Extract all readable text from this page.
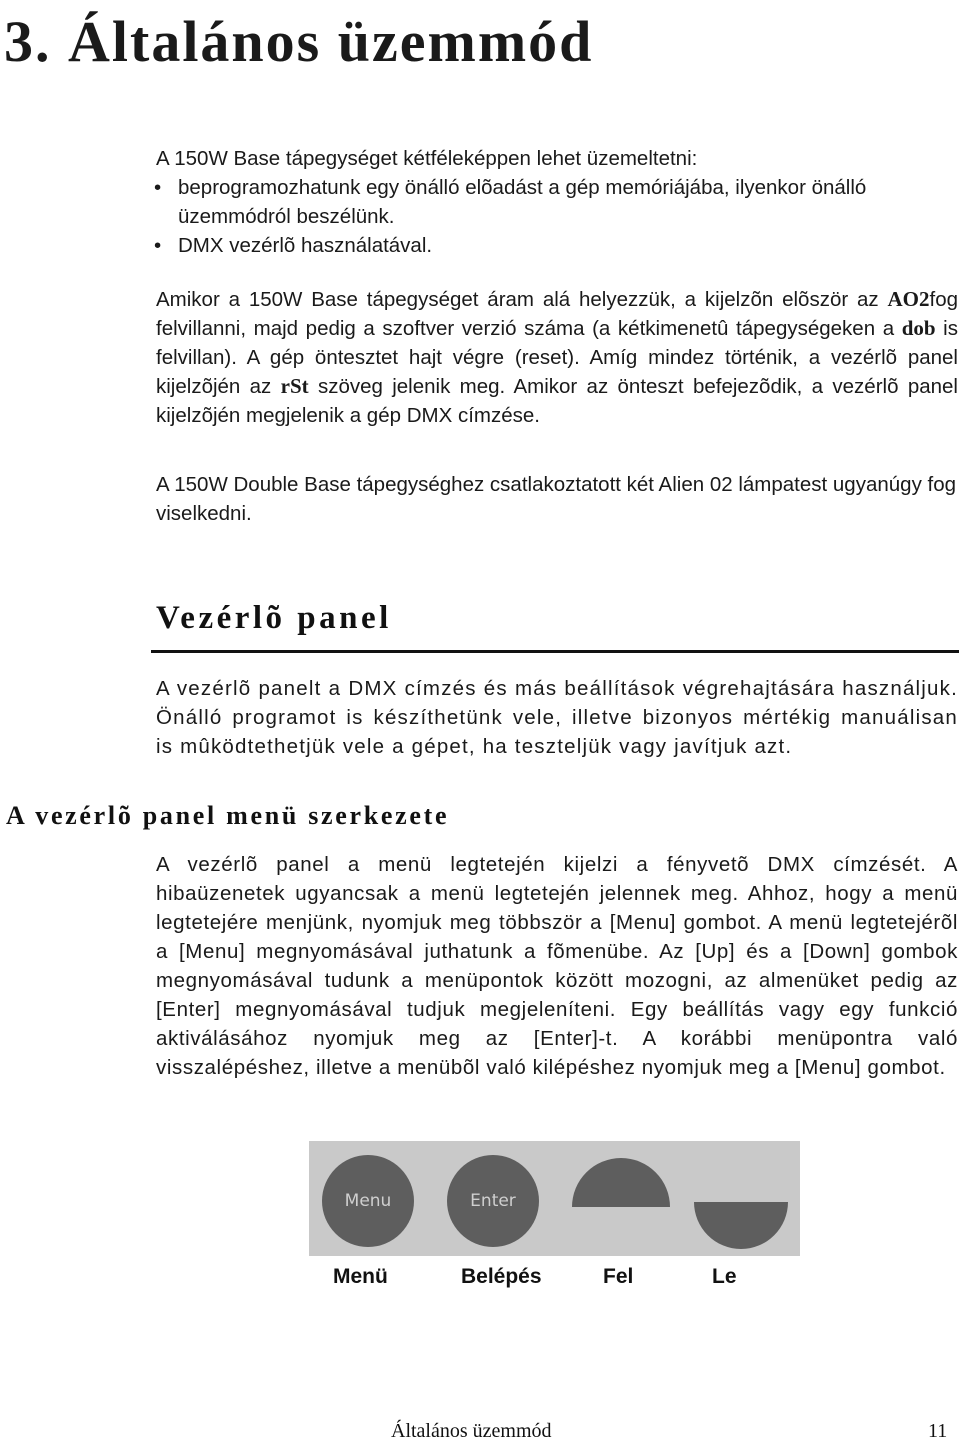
3. Általános üzemmód

A 150W Base tápegységet kétféleképpen lehet üzemeltetni:

• beprogramozhatunk egy önálló elõadást a gép memóriájába, ilyenkor önálló üzemmódról beszélünk.
• DMX vezérlõ használatával.

Amikor a 150W Base tápegységet áram alá helyezzük, a kijelzõn elõször az AO2fog felvillanni, majd pedig a szoftver verzió száma (a kétkimenetû tápegységeken a dob is felvillan). A gép öntesztet hajt végre (reset). Amíg mindez történik, a vezérlõ panel kijelzõjén az rSt szöveg jelenik meg. Amikor az önteszt befejezõdik, a vezérlõ panel kijelzõjén megjelenik a gép DMX címzése.

A 150W Double Base tápegységhez csatlakoztatott két Alien 02 lámpatest ugyanúgy fog viselkedni.

Vezérlõ panel

A vezérlõ panelt a DMX címzés és más beállítások végrehajtására használjuk. Önálló programot is készíthetünk vele, illetve bizonyos mértékig manuálisan is mûködtethetjük vele a gépet, ha teszteljük vagy javítjuk azt.

A vezérlõ panel menü szerkezete

A vezérlõ panel a menü legtetején kijelzi a fényvetõ DMX címzését. A hibaüzenetek ugyancsak a menü legtetején jelennek meg. Ahhoz, hogy a menü legtetejére menjünk, nyomjuk meg többször a [Menu] gombot. A menü legtetejérõl a [Menu] megnyomásával juthatunk a fõmenübe. Az [Up] és a [Down] gombok megnyomásával tudunk a menüpontok között mozogni, az almenüket pedig az [Enter] megnyomásával tudjuk megjeleníteni. Egy beállítás vagy egy funkció aktiválásához nyomjuk meg az [Enter]-t. A korábbi menüpontra való visszalépéshez, illetve a menübõl való kilépéshez nyomjuk meg a [Menu] gombot.

Menu	Enter
Menü	Belépés	Fel	Le
Általános üzemmód	11
